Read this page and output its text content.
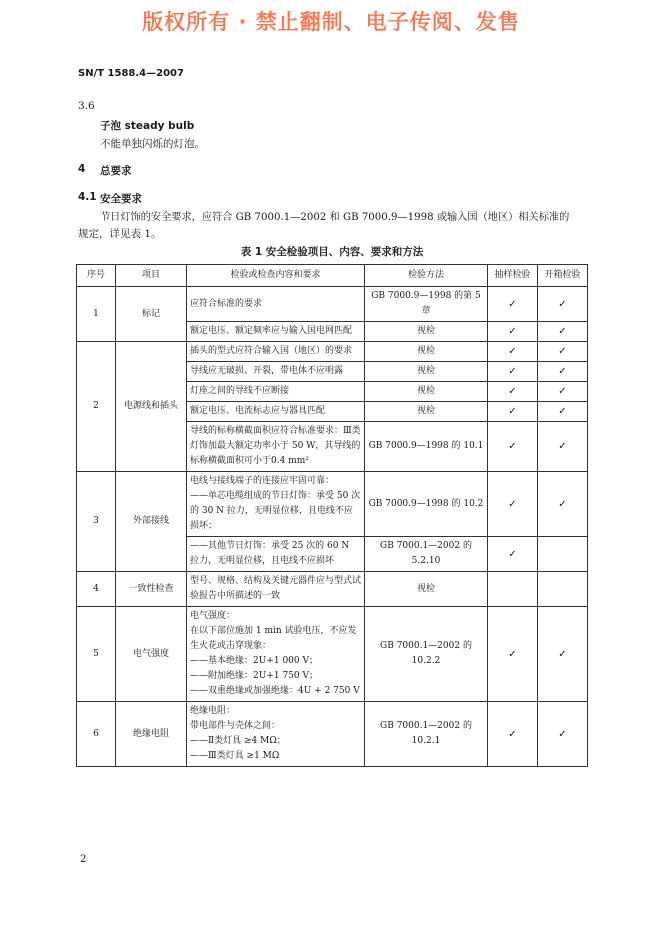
版权所有 · 禁止翻制、电子传阅、发售
SN/T 1588.4—2007
3.6
子泡 steady bulb
不能单独闪烁的灯泡。
4 总要求
4.1 安全要求
节日灯饰的安全要求，应符合 GB 7000.1—2002 和 GB 7000.9—1998 或输入国（地区）相关标准的
规定，详见表 1。
表 1 安全检验项目、内容、要求和方法
序号	项目	检验或检查内容和要求	检验方法	抽样检验	开箱检验
1	标记	应符合标准的要求	GB 7000.9—1998 的第 5 章	✓	✓
		额定电压、额定频率应与输入国电网匹配	视检	✓	✓
2	电源线和插头	插头的型式应符合输入国（地区）的要求	视检	✓	✓
		导线应无破损、开裂，带电体不应明露	视检	✓	✓
		灯座之间的导线不应断接	视检	✓	✓
		额定电压、电流标志应与器具匹配	视检	✓	✓
		导线的标称横截面积应符合标准要求：Ⅲ类灯饰加最大额定功率小于 50 W，其导线的标称横截面积可小于0.4 mm²	GB 7000.9—1998 的 10.1	✓	✓
3	外部接线	电线与接线端子的连接应牢固可靠：
——单芯电缆组成的节日灯饰：承受 50 次的 30 N 拉力，无明显位移，且电线不应损坏；	GB 7000.9—1998 的 10.2	✓	✓
		——其他节日灯饰：承受 25 次的 60 N 拉力，无明显位移，且电线不应损坏	GB 7000.1—2002 的 5.2.10	✓	
4	一致性检查	型号、规格、结构及关键元器件应与型式试验报告中所描述的一致	视检		
5	电气强度	电气强度：
在以下部位施加 1 min 试验电压，不应发生火花或击穿现象：
——基本绝缘：2U+1 000 V；
——附加绝缘：2U+1 750 V；
——双重绝缘或加强绝缘：4U + 2 750 V	GB 7000.1—2002 的 10.2.2	✓	✓
6	绝缘电阻	绝缘电阻：
带电部件与壳体之间：
——Ⅱ类灯具 ≥4 MΩ；
——Ⅲ类灯具 ≥1 MΩ	GB 7000.1—2002 的 10.2.1	✓	✓
2
